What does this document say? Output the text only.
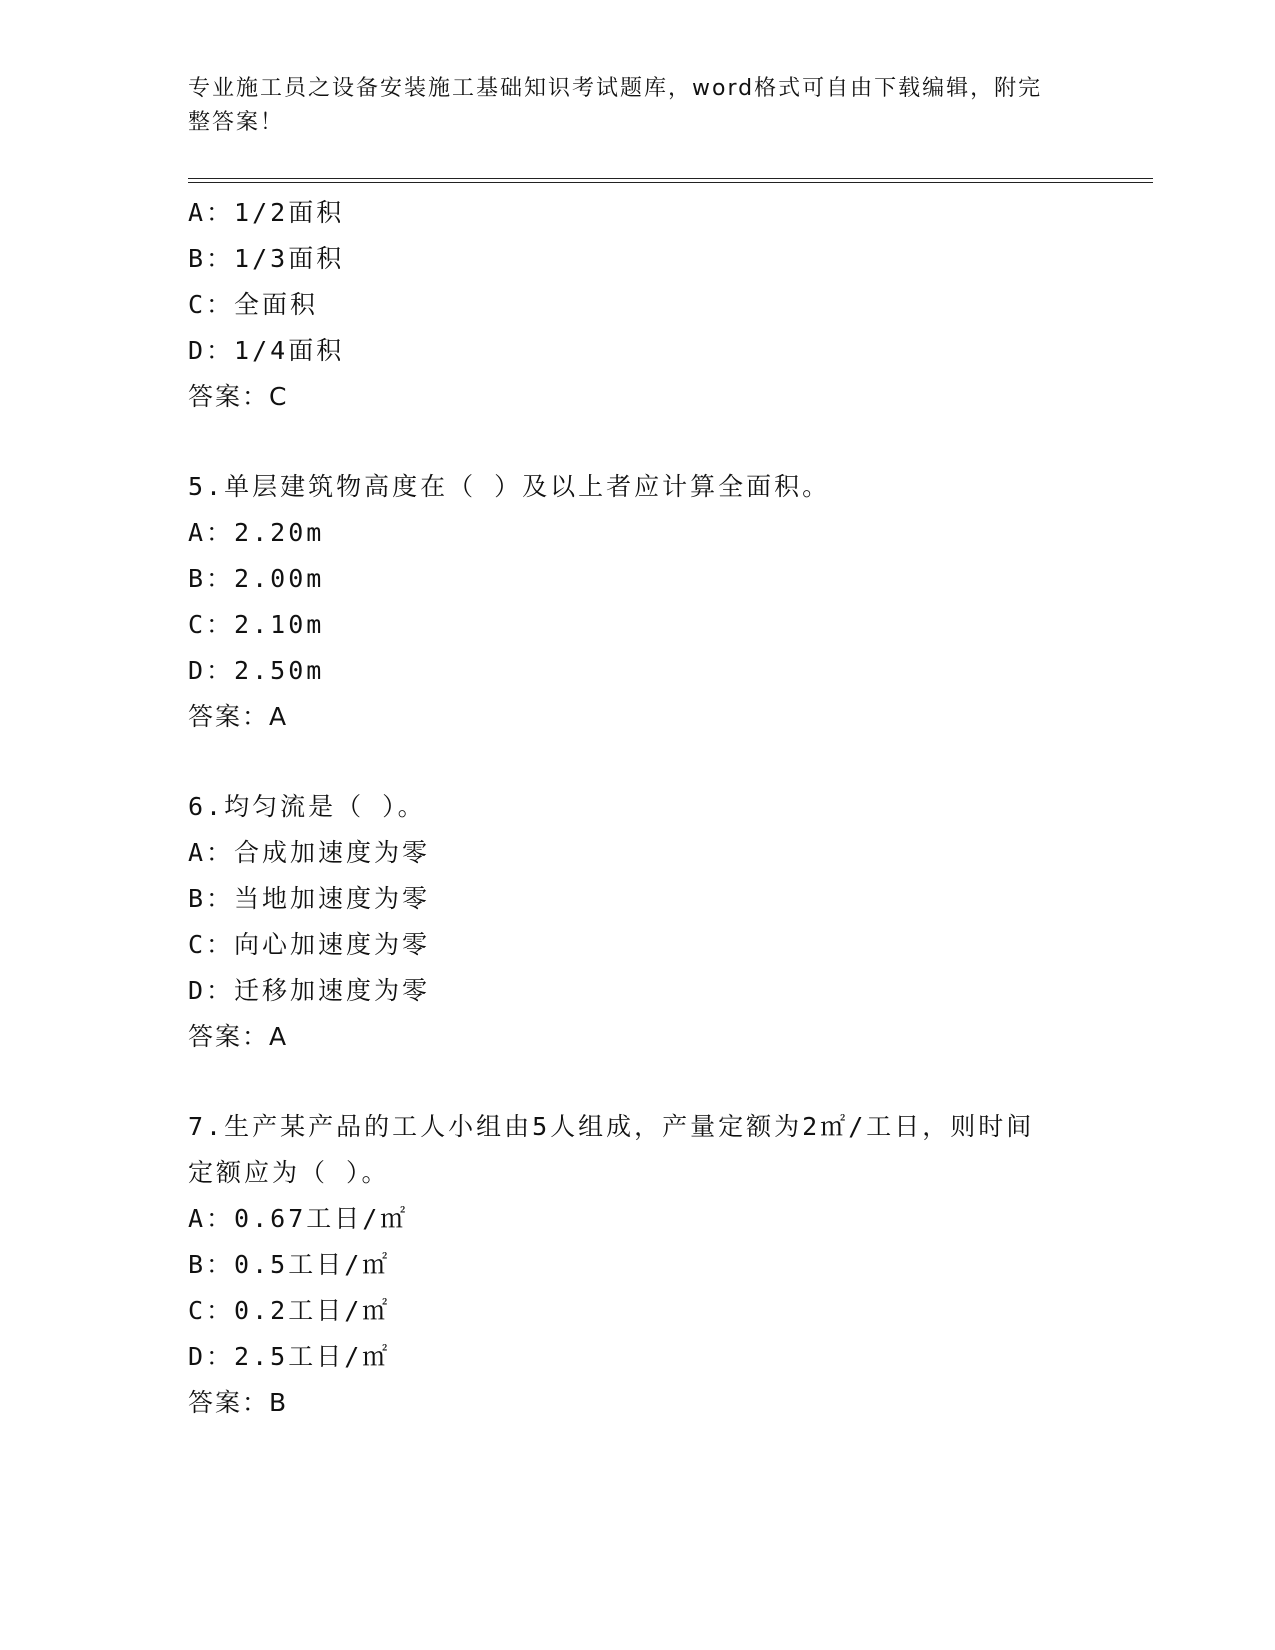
专业施工员之设备安装施工基础知识考试题库，word格式可自由下载编辑，附完
整答案！
A：1/2面积
B：1/3面积
C：全面积
D：1/4面积
答案：C
5.单层建筑物高度在（ ）及以上者应计算全面积。
A：2.20m
B：2.00m
C：2.10m
D：2.50m
答案：A
6.均匀流是（ ）。
A：合成加速度为零
B：当地加速度为零
C：向心加速度为零
D：迁移加速度为零
答案：A
7.生产某产品的工人小组由5人组成，产量定额为2㎡/工日，则时间
定额应为（ ）。
A：0.67工日/㎡
B：0.5工日/㎡
C：0.2工日/㎡
D：2.5工日/㎡
答案：B
